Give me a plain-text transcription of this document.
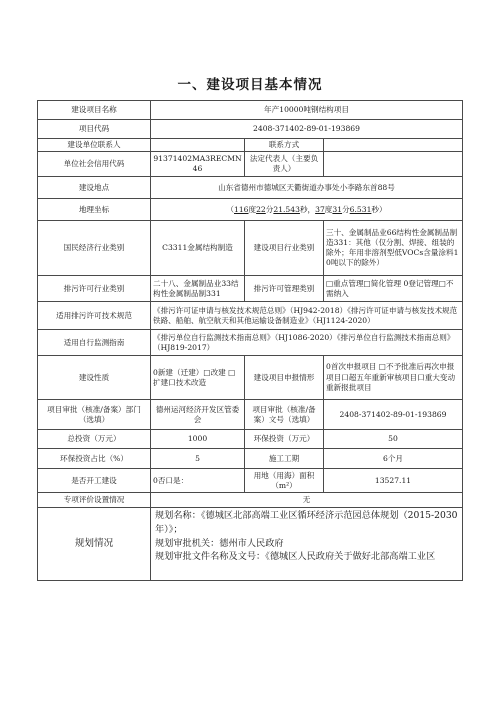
一、建设项目基本情况
建设项目名称	年产10000吨钢结构项目		
项目代码	2408-371402-89-01-193869		
建设单位联系人		联系方式	
单位社会信用代码	91371402MA3RECMN46	法定代表人（主要负责人）	
建设地点	山东省德州市德城区天衢街道办事处小李路东首88号		
地理坐标	（116度22分21.543秒，37度31分6.531秒）		
国民经济行业类别	C3311金属结构制造	建设项目行业类别	三十、金属制品业66结构性金属制品制造331：其他（仅分割、焊接、组装的除外；年用非溶剂型低VOCs含量涂料10吨以下的除外）
排污许可行业类别	二十八、金属制品业33结构性金属制品制331	排污许可管理类别	□重点管理□简化管理 0登记管理□不需纳入
适用排污许可技术规范	《排污许可证申请与核发技术规范总则》（HJ942-2018）《排污许可证申请与核发技术规范铁路、船舶、航空航天和其他运输设备制造业》（HJ1124-2020）		
适用自行监测指南	《排污单位自行监测技术指南总则》（HJ1086-2020）《排污单位自行监测技术指南总则》（HJ819-2017）		
建设性质	0新建（迁建）□改建 □扩建口技术改造	建设项目申报情形	0首次申报项目 □不予批准后再次申报项目口超五年重新审核项目口重大变动重新报批项目
项目审批（核准/备案）部门（选填）	德州运河经济开发区管委会	项目审批（核准/备案）文号（选填）	2408-371402-89-01-193869
总投资（万元）	1000	环保投资（万元）	50
环保投资占比（%）	5	施工工期	6个月
是否开工建设	0否口是：	用地（用海）面积（m²）	13527.11
专项评价设置情况	无		
规划情况	规划名称：《德城区北部高端工业区循环经济示范园总体规划（2015-2030年）》；
规划审批机关：德州市人民政府
规划审批文件名称及文号：《德城区人民政府关于做好北部高端工业区		
